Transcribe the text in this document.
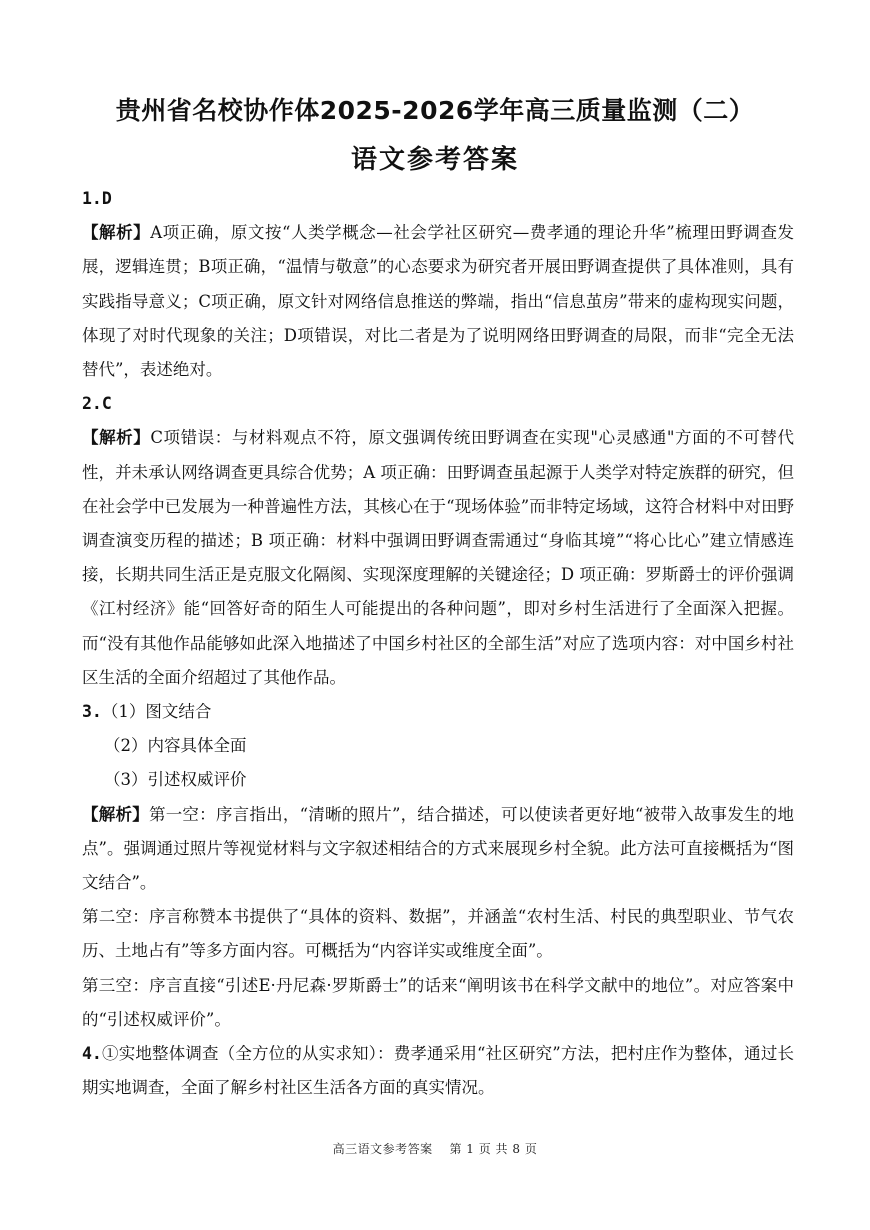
贵州省名校协作体2025-2026学年高三质量监测（二）
语文参考答案

1.D

【解析】A项正确，原文按“人类学概念—社会学社区研究—费孝通的理论升华”梳理田野调查发展，逻辑连贯；B项正确，“温情与敬意”的心态要求为研究者开展田野调查提供了具体准则，具有实践指导意义；C项正确，原文针对网络信息推送的弊端，指出“信息茧房”带来的虚构现实问题，体现了对时代现象的关注；D项错误，对比二者是为了说明网络田野调查的局限，而非“完全无法替代”，表述绝对。

2.C

【解析】C项错误：与材料观点不符，原文强调传统田野调查在实现"心灵感通"方面的不可替代性，并未承认网络调查更具综合优势；A 项正确：田野调查虽起源于人类学对特定族群的研究，但在社会学中已发展为一种普遍性方法，其核心在于“现场体验”而非特定场域，这符合材料中对田野调查演变历程的描述；B 项正确：材料中强调田野调查需通过“身临其境”“将心比心”建立情感连接，长期共同生活正是克服文化隔阂、实现深度理解的关键途径；D 项正确：罗斯爵士的评价强调《江村经济》能“回答好奇的陌生人可能提出的各种问题”，即对乡村生活进行了全面深入把握。而“没有其他作品能够如此深入地描述了中国乡村社区的全部生活”对应了选项内容：对中国乡村社区生活的全面介绍超过了其他作品。

3.（1）图文结合

（2）内容具体全面

（3）引述权威评价

【解析】第一空：序言指出，“清晰的照片”，结合描述，可以使读者更好地“被带入故事发生的地点”。强调通过照片等视觉材料与文字叙述相结合的方式来展现乡村全貌。此方法可直接概括为“图文结合”。

第二空：序言称赞本书提供了“具体的资料、数据”，并涵盖“农村生活、村民的典型职业、节气农历、土地占有”等多方面内容。可概括为“内容详实或维度全面”。

第三空：序言直接“引述E·丹尼森·罗斯爵士”的话来“阐明该书在科学文献中的地位”。对应答案中的“引述权威评价”。

4.①实地整体调查（全方位的从实求知）：费孝通采用“社区研究”方法，把村庄作为整体，通过长期实地调查，全面了解乡村社区生活各方面的真实情况。

高三语文参考答案　 第 1 页 共 8 页
